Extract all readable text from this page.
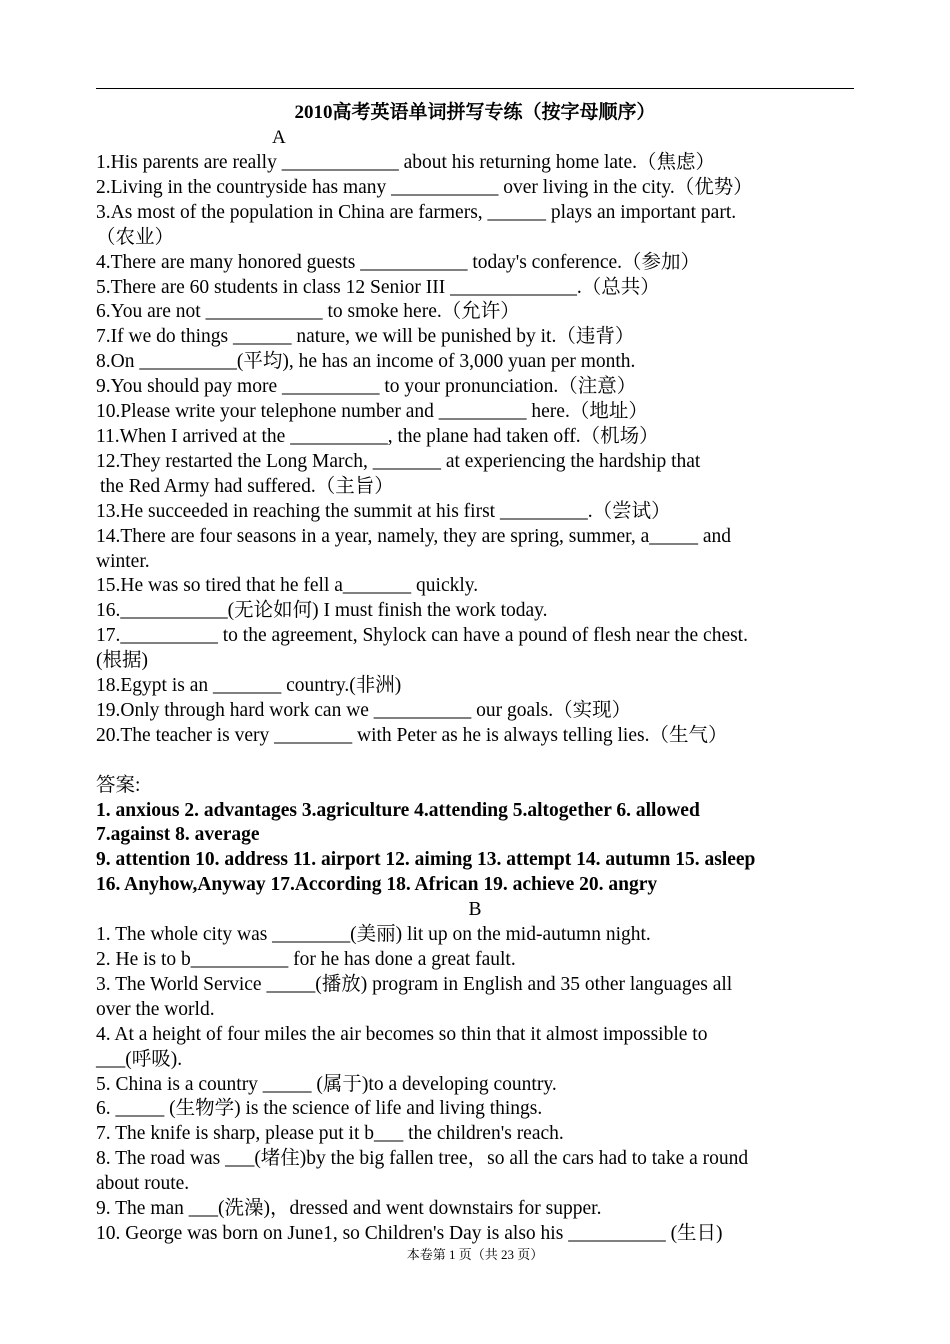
2010高考英语单词拼写专练（按字母顺序）
A
1.His parents are really ____________ about his returning home late.（焦虑）
2.Living in the countryside has many ___________ over living in the city.（优势）
3.As most of the population in China are farmers, ______ plays an important part.
（农业）
4.There are many honored guests ___________ today's conference.（参加）
5.There are 60 students in class 12 Senior III _____________.（总共）
6.You are not ____________ to smoke here.（允许）
7.If we do things ______ nature, we will be punished by it.（违背）
8.On __________(平均), he has an income of 3,000 yuan per month.
9.You should pay more __________ to your pronunciation.（注意）
10.Please write your telephone number and _________ here.（地址）
11.When I arrived at the __________, the plane had taken off.（机场）
12.They restarted the Long March, _______ at experiencing the hardship that
the Red Army had suffered.（主旨）
13.He succeeded in reaching the summit at his first _________.（尝试）
14.There are four seasons in a year, namely, they are spring, summer, a_____ and
winter.
15.He was so tired that he fell a_______ quickly.
16.___________(无论如何) I must finish the work today.
17.__________ to the agreement, Shylock can have a pound of flesh near the chest.
(根据)
18.Egypt is an _______ country.(非洲)
19.Only through hard work can we __________ our goals.（实现）
20.The teacher is very ________ with Peter as he is always telling lies.（生气）
答案:
1. anxious 2. advantages 3.agriculture 4.attending 5.altogether 6. allowed
7.against 8. average
9. attention 10. address 11. airport 12. aiming 13. attempt 14. autumn 15. asleep
16. Anyhow,Anyway 17.According 18. African 19. achieve 20. angry
B
1. The whole city was ________(美丽) lit up on the mid-autumn night.
2. He is to b__________ for he has done a great fault.
3. The World Service _____(播放) program in English and 35 other languages all
over the world.
4. At a height of four miles the air becomes so thin that it almost impossible to
___(呼吸).
5. China is a country _____ (属于)to a developing country.
6. _____ (生物学) is the science of life and living things.
7. The knife is sharp, please put it b___ the children's reach.
8. The road was ___(堵住)by the big fallen tree，so all the cars had to take a round
about route.
9. The man ___(洗澡)，dressed and went downstairs for supper.
10. George was born on June1, so Children's Day is also his __________ (生日)
本卷第 1 页（共 23 页）
